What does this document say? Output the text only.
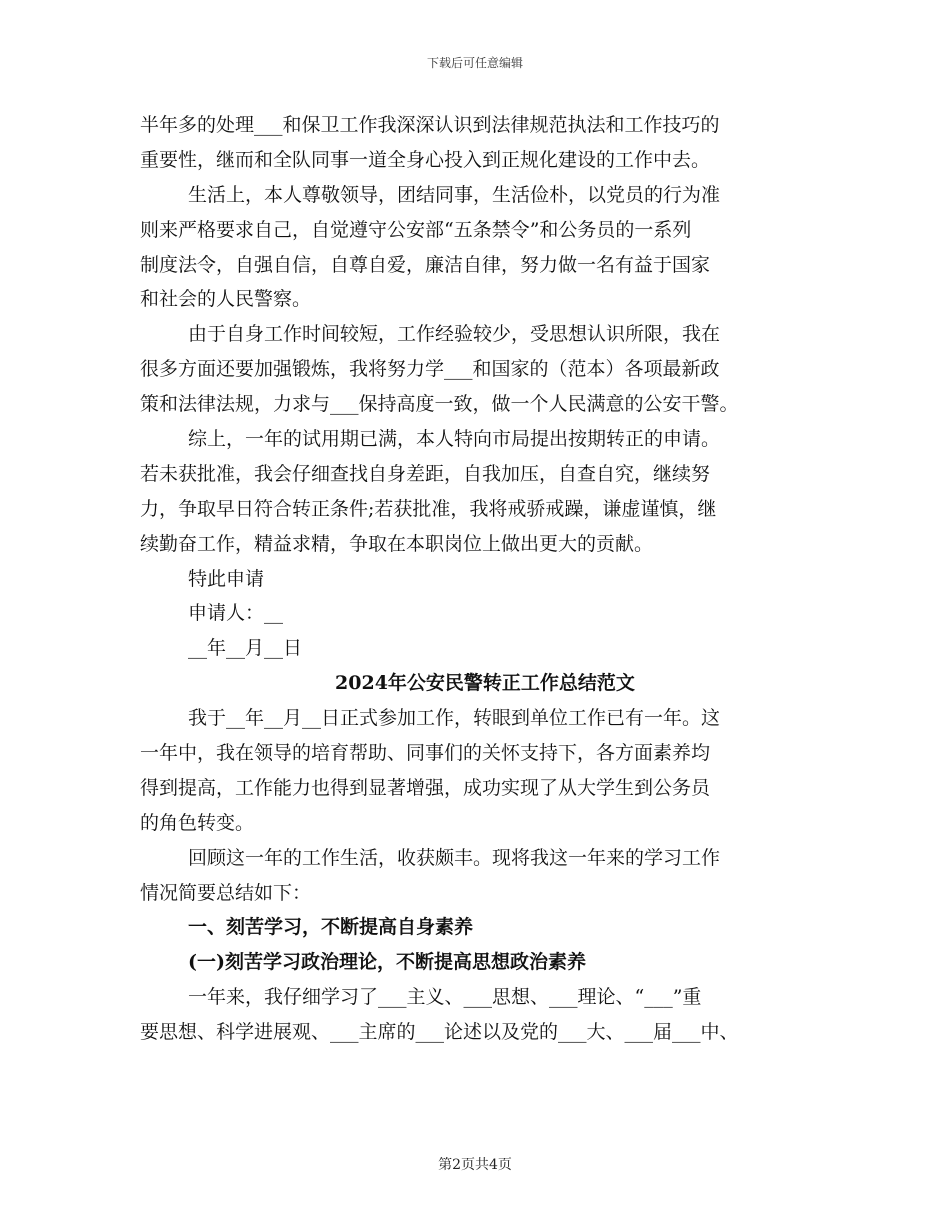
下载后可任意编辑
半年多的处理___和保卫工作我深深认识到法律规范执法和工作技巧的
重要性，继而和全队同事一道全身心投入到正规化建设的工作中去。
生活上，本人尊敬领导，团结同事，生活俭朴，以党员的行为准
则来严格要求自己，自觉遵守公安部“五条禁令”和公务员的一系列
制度法令，自强自信，自尊自爱，廉洁自律，努力做一名有益于国家
和社会的人民警察。
由于自身工作时间较短，工作经验较少，受思想认识所限，我在
很多方面还要加强锻炼，我将努力学___和国家的（范本）各项最新政
策和法律法规，力求与___保持高度一致，做一个人民满意的公安干警。
综上，一年的试用期已满，本人特向市局提出按期转正的申请。
若未获批准，我会仔细查找自身差距，自我加压，自查自究，继续努
力，争取早日符合转正条件;若获批准，我将戒骄戒躁，谦虚谨慎，继
续勤奋工作，精益求精，争取在本职岗位上做出更大的贡献。
特此申请
申请人：__
__年__月__日
2024年公安民警转正工作总结范文
我于__年__月__日正式参加工作，转眼到单位工作已有一年。这
一年中，我在领导的培育帮助、同事们的关怀支持下，各方面素养均
得到提高，工作能力也得到显著增强，成功实现了从大学生到公务员
的角色转变。
回顾这一年的工作生活，收获颇丰。现将我这一年来的学习工作
情况简要总结如下：
一、刻苦学习，不断提高自身素养
(一)刻苦学习政治理论，不断提高思想政治素养
一年来，我仔细学习了___主义、___思想、___理论、“___”重
要思想、科学进展观、___主席的___论述以及党的___大、___届___中、
第2页共4页
